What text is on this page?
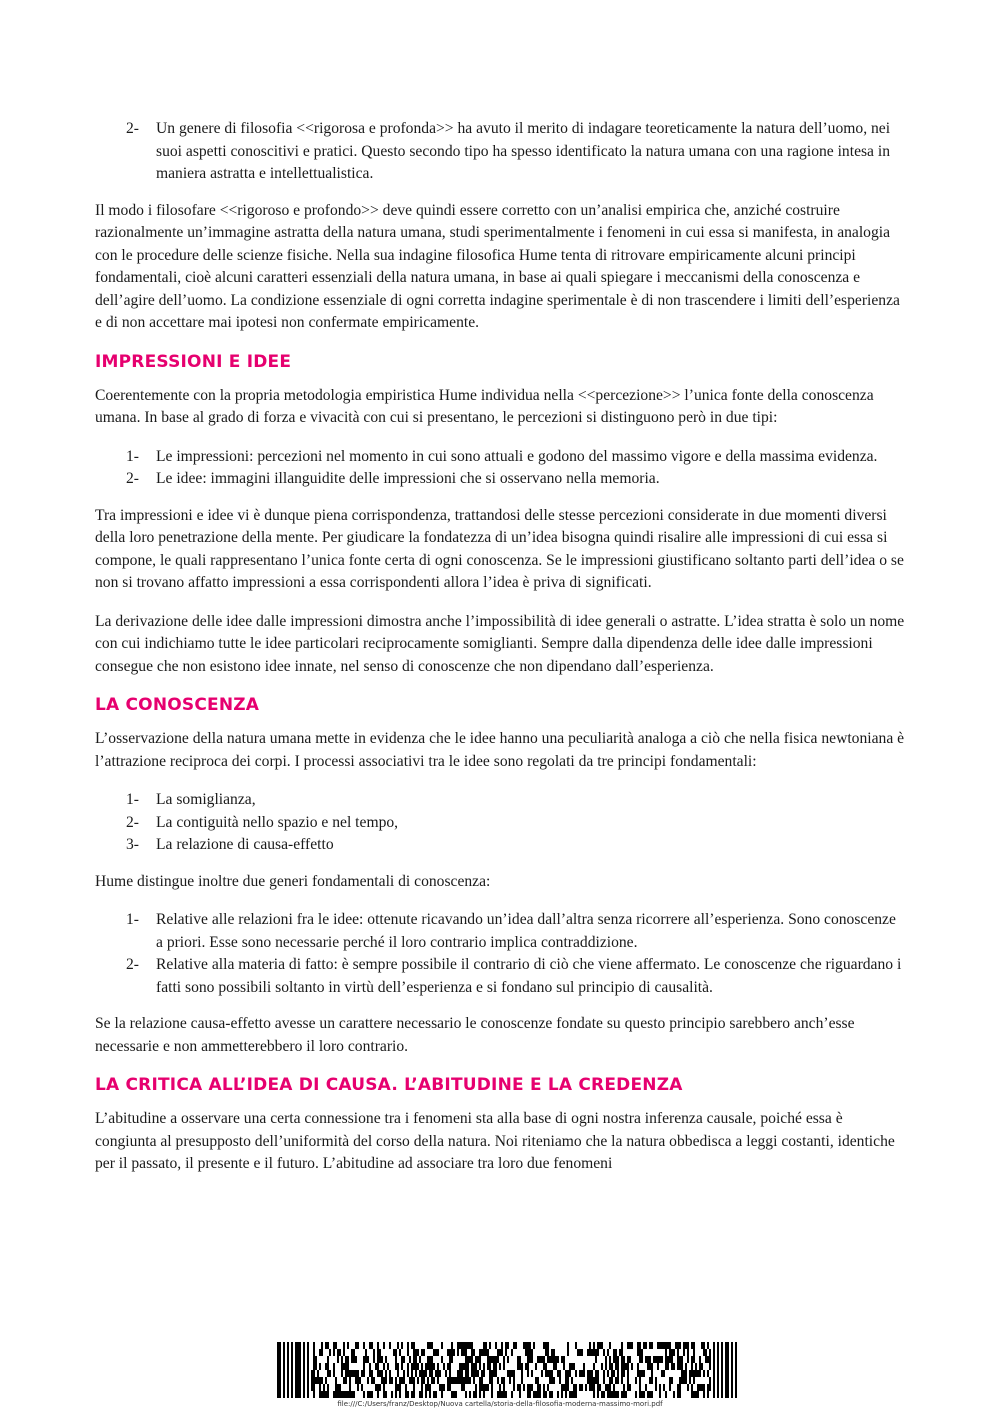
2- Un genere di filosofia <<rigorosa e profonda>> ha avuto il merito di indagare teoreticamente la natura dell’uomo, nei suoi aspetti conoscitivi e pratici. Questo secondo tipo ha spesso identificato la natura umana con una ragione intesa in maniera astratta e intellettualistica.

Il modo i filosofare <<rigoroso e profondo>> deve quindi essere corretto con un’analisi empirica che, anziché costruire razionalmente un’immagine astratta della natura umana, studi sperimentalmente i fenomeni in cui essa si manifesta, in analogia con le procedure delle scienze fisiche. Nella sua indagine filosofica Hume tenta di ritrovare empiricamente alcuni principi fondamentali, cioè alcuni caratteri essenziali della natura umana, in base ai quali spiegare i meccanismi della conoscenza e dell’agire dell’uomo. La condizione essenziale di ogni corretta indagine sperimentale è di non trascendere i limiti dell’esperienza e di non accettare mai ipotesi non confermate empiricamente.

IMPRESSIONI E IDEE

Coerentemente con la propria metodologia empiristica Hume individua nella <<percezione>> l’unica fonte della conoscenza umana. In base al grado di forza e vivacità con cui si presentano, le percezioni si distinguono però in due tipi:

1- Le impressioni: percezioni nel momento in cui sono attuali e godono del massimo vigore e della massima evidenza.
2- Le idee: immagini illanguidite delle impressioni che si osservano nella memoria.

Tra impressioni e idee vi è dunque piena corrispondenza, trattandosi delle stesse percezioni considerate in due momenti diversi della loro penetrazione della mente. Per giudicare la fondatezza di un’idea bisogna quindi risalire alle impressioni di cui essa si compone, le quali rappresentano l’unica fonte certa di ogni conoscenza. Se le impressioni giustificano soltanto parti dell’idea o se non si trovano affatto impressioni a essa corrispondenti allora l’idea è priva di significati.

La derivazione delle idee dalle impressioni dimostra anche l’impossibilità di idee generali o astratte. L’idea stratta è solo un nome con cui indichiamo tutte le idee particolari reciprocamente somiglianti. Sempre dalla dipendenza delle idee dalle impressioni consegue che non esistono idee innate, nel senso di conoscenze che non dipendano dall’esperienza.

LA CONOSCENZA

L’osservazione della natura umana mette in evidenza che le idee hanno una peculiarità analoga a ciò che nella fisica newtoniana è l’attrazione reciproca dei corpi. I processi associativi tra le idee sono regolati da tre principi fondamentali:

1- La somiglianza,
2- La contiguità nello spazio e nel tempo,
3- La relazione di causa-effetto

Hume distingue inoltre due generi fondamentali di conoscenza:

1- Relative alle relazioni fra le idee: ottenute ricavando un’idea dall’altra senza ricorrere all’esperienza. Sono conoscenze a priori. Esse sono necessarie perché il loro contrario implica contraddizione.
2- Relative alla materia di fatto: è sempre possibile il contrario di ciò che viene affermato. Le conoscenze che riguardano i fatti sono possibili soltanto in virtù dell’esperienza e si fondano sul principio di causalità.

Se la relazione causa-effetto avesse un carattere necessario le conoscenze fondate su questo principio sarebbero anch’esse necessarie e non ammetterebbero il loro contrario.

LA CRITICA ALL’IDEA DI CAUSA. L’ABITUDINE E LA CREDENZA

L’abitudine a osservare una certa connessione tra i fenomeni sta alla base di ogni nostra inferenza causale, poiché essa è congiunta al presupposto dell’uniformità del corso della natura. Noi riteniamo che la natura obbedisca a leggi costanti, identiche per il passato, il presente e il futuro. L’abitudine ad associare tra loro due fenomeni

file:///C:/Users/franz/Desktop/Nuova cartella/storia-della-filosofia-moderna-massimo-mori.pdf
